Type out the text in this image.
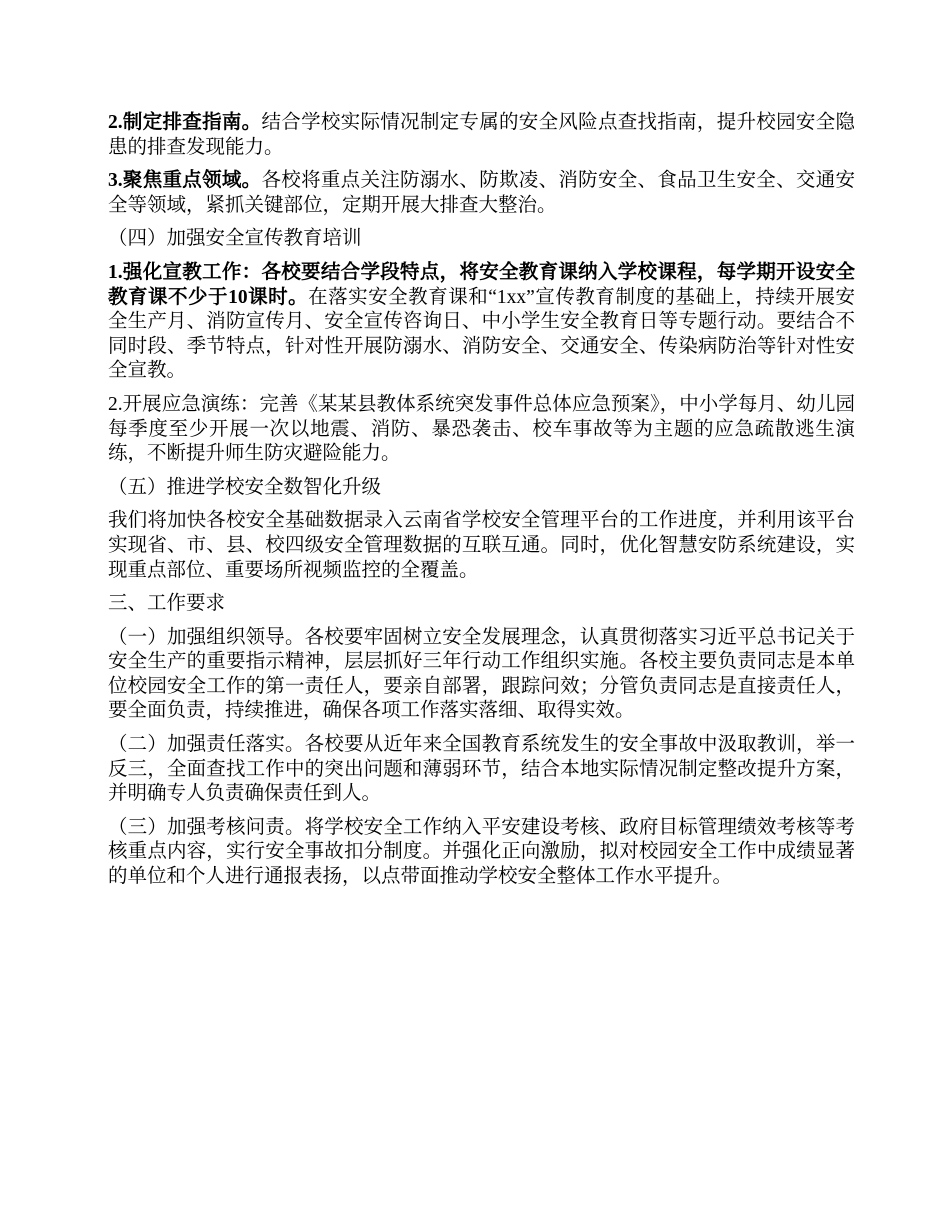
2.制定排查指南。结合学校实际情况制定专属的安全风险点查找指南，提升校园安全隐患的排查发现能力。

3.聚焦重点领域。各校将重点关注防溺水、防欺凌、消防安全、食品卫生安全、交通安全等领域，紧抓关键部位，定期开展大排查大整治。

（四）加强安全宣传教育培训

1.强化宣教工作：各校要结合学段特点，将安全教育课纳入学校课程，每学期开设安全教育课不少于10课时。在落实安全教育课和“1xx”宣传教育制度的基础上，持续开展安全生产月、消防宣传月、安全宣传咨询日、中小学生安全教育日等专题行动。要结合不同时段、季节特点，针对性开展防溺水、消防安全、交通安全、传染病防治等针对性安全宣教。

2.开展应急演练：完善《某某县教体系统突发事件总体应急预案》，中小学每月、幼儿园每季度至少开展一次以地震、消防、暴恐袭击、校车事故等为主题的应急疏散逃生演练，不断提升师生防灾避险能力。

（五）推进学校安全数智化升级

我们将加快各校安全基础数据录入云南省学校安全管理平台的工作进度，并利用该平台实现省、市、县、校四级安全管理数据的互联互通。同时，优化智慧安防系统建设，实现重点部位、重要场所视频监控的全覆盖。

三、工作要求

（一）加强组织领导。各校要牢固树立安全发展理念，认真贯彻落实习近平总书记关于安全生产的重要指示精神，层层抓好三年行动工作组织实施。各校主要负责同志是本单位校园安全工作的第一责任人，要亲自部署，跟踪问效；分管负责同志是直接责任人，要全面负责，持续推进，确保各项工作落实落细、取得实效。

（二）加强责任落实。各校要从近年来全国教育系统发生的安全事故中汲取教训，举一反三，全面查找工作中的突出问题和薄弱环节，结合本地实际情况制定整改提升方案，并明确专人负责确保责任到人。

（三）加强考核问责。将学校安全工作纳入平安建设考核、政府目标管理绩效考核等考核重点内容，实行安全事故扣分制度。并强化正向激励，拟对校园安全工作中成绩显著的单位和个人进行通报表扬，以点带面推动学校安全整体工作水平提升。
